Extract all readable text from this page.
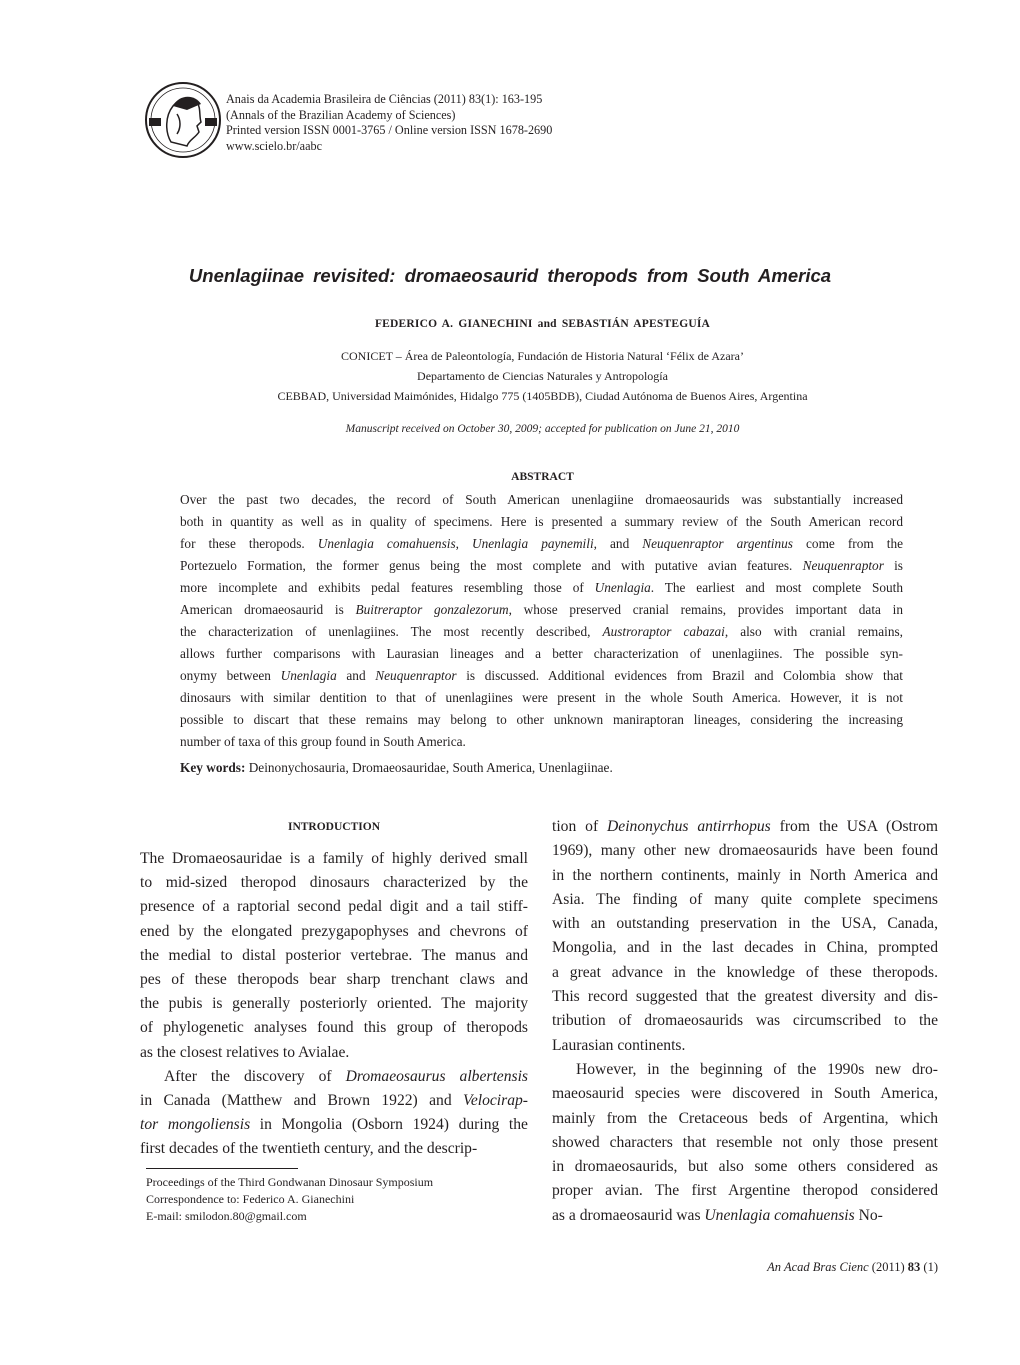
Anais da Academia Brasileira de Ciências (2011) 83(1): 163-195
(Annals of the Brazilian Academy of Sciences)
Printed version ISSN 0001-3765 / Online version ISSN 1678-2690
www.scielo.br/aabc
Unenlagiinae revisited: dromaeosaurid theropods from South America
FEDERICO A. GIANECHINI and SEBASTIÁN APESTEGUÍA
CONICET – Área de Paleontología, Fundación de Historia Natural ‘Félix de Azara’
Departamento de Ciencias Naturales y Antropología
CEBBAD, Universidad Maimónides, Hidalgo 775 (1405BDB), Ciudad Autónoma de Buenos Aires, Argentina
Manuscript received on October 30, 2009; accepted for publication on June 21, 2010
ABSTRACT
Over the past two decades, the record of South American unenlagiine dromaeosaurids was substantially increased
both in quantity as well as in quality of specimens. Here is presented a summary review of the South American record
for these theropods. Unenlagia comahuensis, Unenlagia paynemili, and Neuquenraptor argentinus come from the
Portezuelo Formation, the former genus being the most complete and with putative avian features. Neuquenraptor is
more incomplete and exhibits pedal features resembling those of Unenlagia. The earliest and most complete South
American dromaeosaurid is Buitreraptor gonzalezorum, whose preserved cranial remains, provides important data in
the characterization of unenlagiines. The most recently described, Austroraptor cabazai, also with cranial remains,
allows further comparisons with Laurasian lineages and a better characterization of unenlagiines. The possible syn-
onymy between Unenlagia and Neuquenraptor is discussed. Additional evidences from Brazil and Colombia show that
dinosaurs with similar dentition to that of unenlagiines were present in the whole South America. However, it is not
possible to discart that these remains may belong to other unknown maniraptoran lineages, considering the increasing
number of taxa of this group found in South America.
Key words: Deinonychosauria, Dromaeosauridae, South America, Unenlagiinae.
INTRODUCTION
The Dromaeosauridae is a family of highly derived small
to mid-sized theropod dinosaurs characterized by the
presence of a raptorial second pedal digit and a tail stiff-
ened by the elongated prezygapophyses and chevrons of
the medial to distal posterior vertebrae. The manus and
pes of these theropods bear sharp trenchant claws and
the pubis is generally posteriorly oriented. The majority
of phylogenetic analyses found this group of theropods
as the closest relatives to Avialae.
After the discovery of Dromaeosaurus albertensis
in Canada (Matthew and Brown 1922) and Velocirap-
tor mongoliensis in Mongolia (Osborn 1924) during the
first decades of the twentieth century, and the descrip-
tion of Deinonychus antirrhopus from the USA (Ostrom
1969), many other new dromaeosaurids have been found
in the northern continents, mainly in North America and
Asia. The finding of many quite complete specimens
with an outstanding preservation in the USA, Canada,
Mongolia, and in the last decades in China, prompted
a great advance in the knowledge of these theropods.
This record suggested that the greatest diversity and dis-
tribution of dromaeosaurids was circumscribed to the
Laurasian continents.
However, in the beginning of the 1990s new dro-
maeosaurid species were discovered in South America,
mainly from the Cretaceous beds of Argentina, which
showed characters that resemble not only those present
in dromaeosaurids, but also some others considered as
proper avian. The first Argentine theropod considered
as a dromaeosaurid was Unenlagia comahuensis No-
Proceedings of the Third Gondwanan Dinosaur Symposium
Correspondence to: Federico A. Gianechini
E-mail: smilodon.80@gmail.com
An Acad Bras Cienc (2011) 83 (1)
